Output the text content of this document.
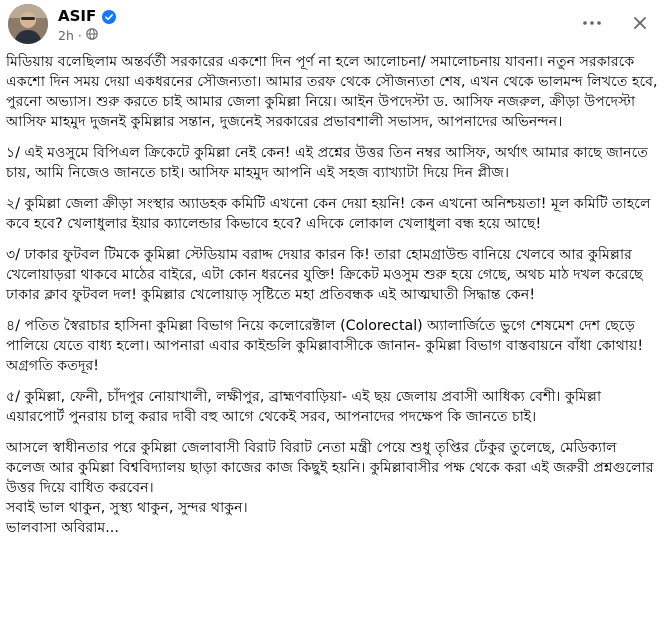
ASIF
2h ·

মিডিয়ায় বলেছিলাম অন্তর্বর্তী সরকারের একশো দিন পূর্ণ না হলে আলোচনা/ সমালোচনায় যাবনা। নতুন সরকারকে একশো দিন সময় দেয়া একধরনের সৌজন্যতা। আমার তরফ থেকে সৌজন্যতা শেষ, এখন থেকে ভালমন্দ লিখতে হবে, পুরনো অভ্যাস। শুরু করতে চাই আমার জেলা কুমিল্লা নিয়ে। আইন উপদেস্টা ড. আসিফ নজরুল, ক্রীড়া উপদেস্টা আসিফ মাহমুদ দুজনই কুমিল্লার সন্তান, দুজনেই সরকারের প্রভাবশালী সভাসদ, আপনাদের অভিনন্দন।

১/ এই মওসুমে বিপিএল ক্রিকেটে কুমিল্লা নেই কেন! এই প্রশ্নের উত্তর তিন নম্বর আসিফ, অর্থাৎ আমার কাছে জানতে চায়, আমি নিজেও জানতে চাই। আসিফ মাহমুদ আপনি এই সহজ ব্যাখ্যাটা দিয়ে দিন প্লীজ।

২/ কুমিল্লা জেলা ক্রীড়া সংস্থার অ্যাডহক কমিটি এখনো কেন দেয়া হয়নি! কেন এখনো অনিশ্চয়তা! মূল কমিটি তাহলে কবে হবে? খেলাধুলার ইয়ার ক্যালেন্ডার কিভাবে হবে? এদিকে লোকাল খেলাধুলা বন্ধ হয়ে আছে!

৩/ ঢাকার ফুটবল টিমকে কুমিল্লা স্টেডিয়াম বরাদ্দ দেয়ার কারন কি! তারা হোমগ্রাউন্ড বানিয়ে খেলবে আর কুমিল্লার খেলোয়াড়রা থাকবে মাঠের বাইরে, এটা কোন ধরনের যুক্তি! ক্রিকেট মওসুম শুরু হয়ে গেছে, অথচ মাঠ দখল করেছে ঢাকার ক্লাব ফুটবল দল! কুমিল্লার খেলোয়াড় সৃষ্টিতে মহা প্রতিবন্ধক এই আত্মঘাতী সিদ্ধান্ত কেন!

৪/ পতিত স্বৈরাচার হাসিনা কুমিল্লা বিভাগ নিয়ে কলোরেক্টাল (Colorectal) অ্যালার্জিতে ভুগে শেষমেশ দেশ ছেড়ে পালিয়ে যেতে বাধ্য হলো। আপনারা এবার কাইন্ডলি কুমিল্লাবাসীকে জানান- কুমিল্লা বিভাগ বাস্তবায়নে বাঁধা কোথায়! অগ্রগতি কতদূর!

৫/ কুমিল্লা, ফেনী, চাঁদপুর নোয়াখালী, লক্ষীপুর, ব্রাহ্মণবাড়িয়া- এই ছয় জেলায় প্রবাসী আধিক্য বেশী। কুমিল্লা এয়ারপোর্ট পুনরায় চালু করার দাবী বহু আগে থেকেই সরব, আপনাদের পদক্ষেপ কি জানতে চাই।

আসলে স্বাধীনতার পরে কুমিল্লা জেলাবাসী বিরাট বিরাট নেতা মন্ত্রী পেয়ে শুধু তৃপ্তির ঢেঁকুর তুলেছে, মেডিক্যাল কলেজ আর কুমিল্লা বিশ্ববিদ্যালয় ছাড়া কাজের কাজ কিছুই হয়নি। কুমিল্লাবাসীর পক্ষ থেকে করা এই জরুরী প্রশ্নগুলোর উত্তর দিয়ে বাধিত করবেন।

সবাই ভাল থাকুন, সুস্থ্য থাকুন, সুন্দর থাকুন।

ভালবাসা অবিরাম...
